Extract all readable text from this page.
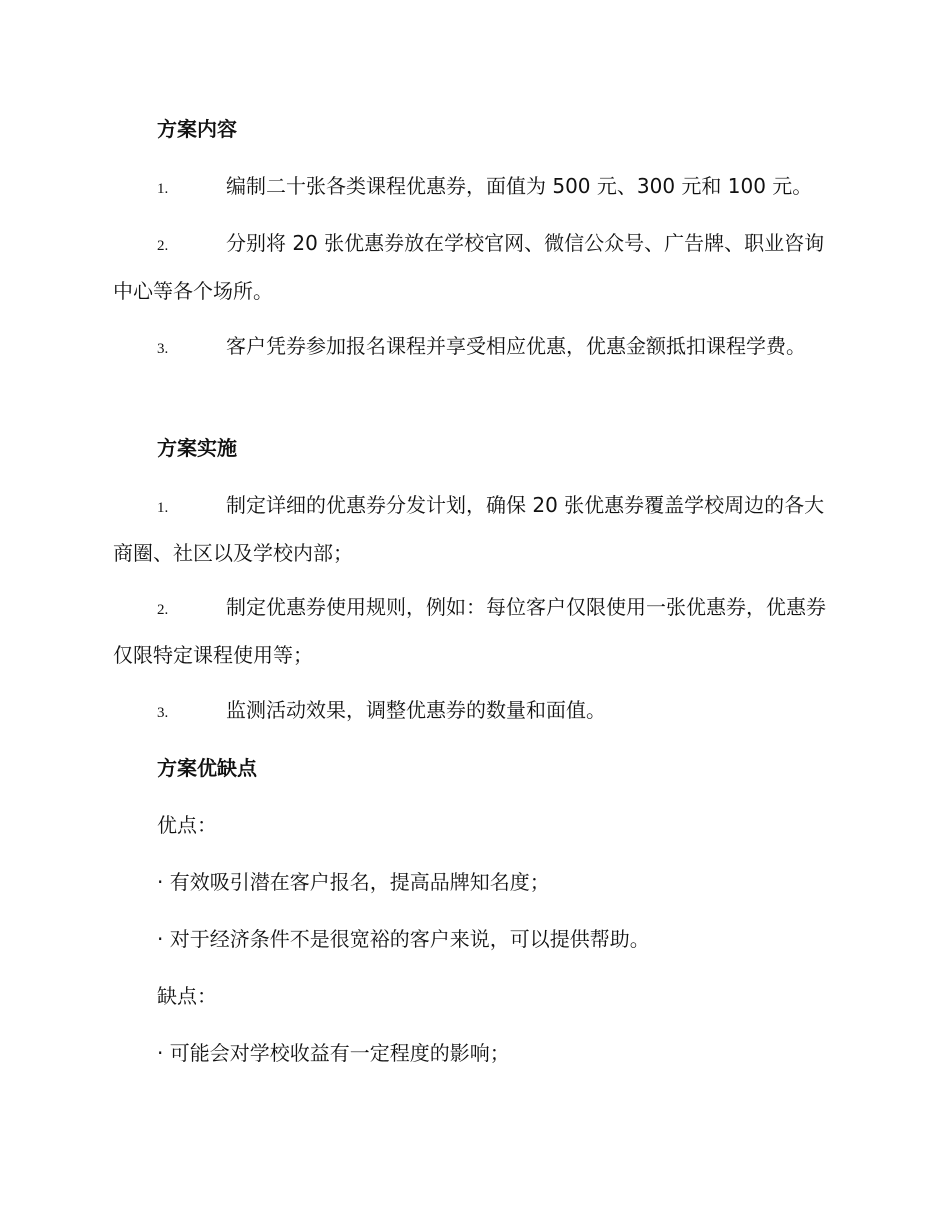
方案内容
1.	编制二十张各类课程优惠券，面值为 500 元、300 元和 100 元。
2.	分别将 20 张优惠券放在学校官网、微信公众号、广告牌、职业咨询中心等各个场所。
3.	客户凭券参加报名课程并享受相应优惠，优惠金额抵扣课程学费。
方案实施
1.	制定详细的优惠券分发计划，确保 20 张优惠券覆盖学校周边的各大商圈、社区以及学校内部；
2.	制定优惠券使用规则，例如：每位客户仅限使用一张优惠券，优惠券仅限特定课程使用等；
3.	监测活动效果，调整优惠券的数量和面值。
方案优缺点
优点：
· 有效吸引潜在客户报名，提高品牌知名度；
· 对于经济条件不是很宽裕的客户来说，可以提供帮助。
缺点：
· 可能会对学校收益有一定程度的影响；
